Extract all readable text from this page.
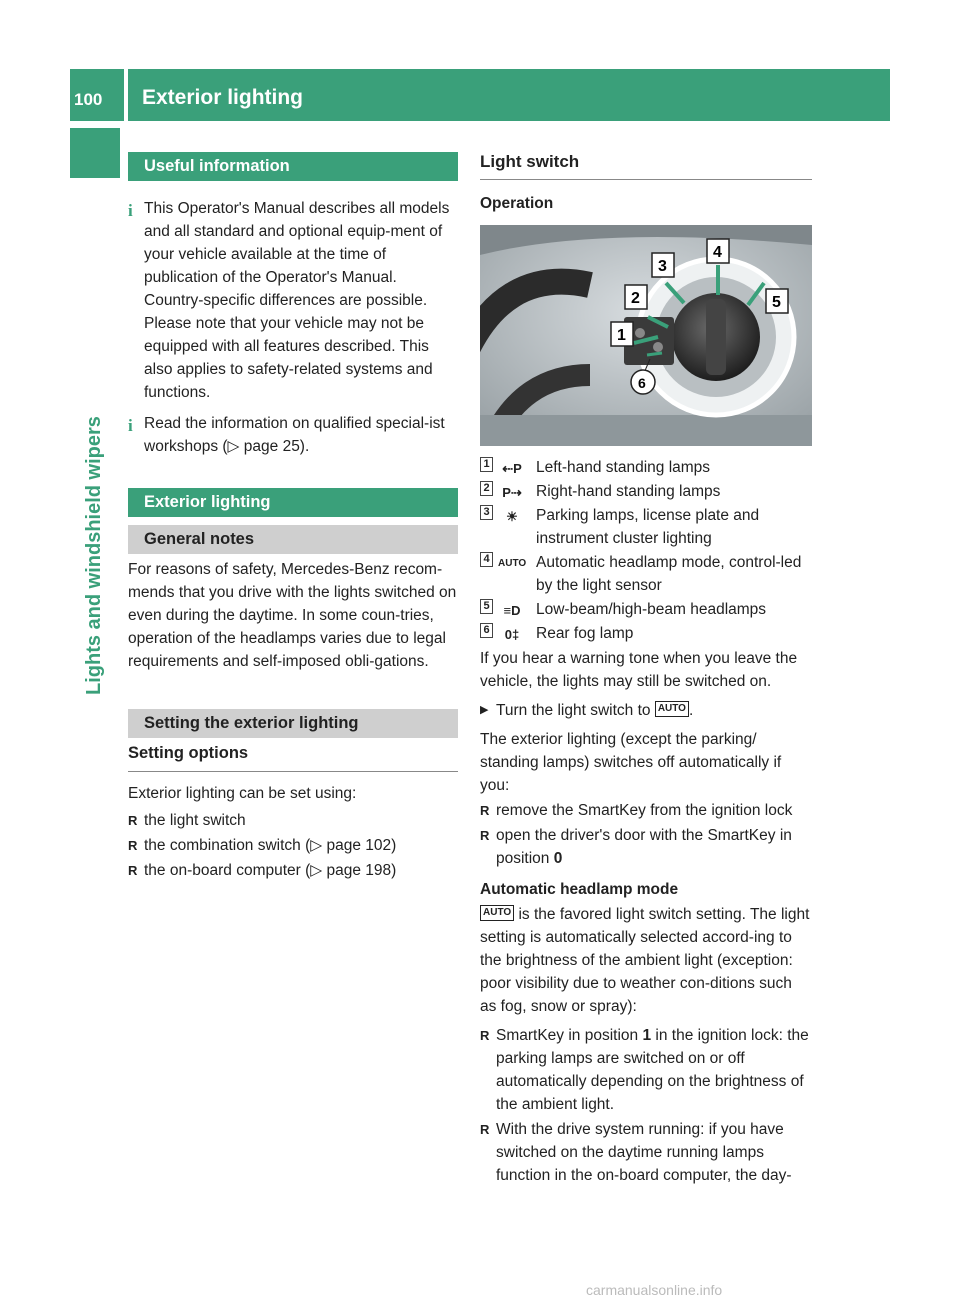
100	Exterior lighting
Lights and windshield wipers
Useful information
i This Operator's Manual describes all models and all standard and optional equip-ment of your vehicle available at the time of publication of the Operator's Manual. Country-specific differences are possible. Please note that your vehicle may not be equipped with all features described. This also applies to safety-related systems and functions.
i Read the information on qualified special-ist workshops (▷ page 25).
Exterior lighting
General notes
For reasons of safety, Mercedes-Benz recom-mends that you drive with the lights switched on even during the daytime. In some coun-tries, operation of the headlamps varies due to legal requirements and self-imposed obli-gations.
Setting the exterior lighting
Setting options
Exterior lighting can be set using:
R the light switch
R the combination switch (▷ page 102)
R the on-board computer (▷ page 198)
Light switch
Operation
1
2
3
4
5
6
1 ⇠P Left-hand standing lamps
2 P⇢ Right-hand standing lamps
3	☀	Parking lamps, license plate and instrument cluster lighting
4 AUTO Automatic headlamp mode, control-led by the light sensor
5	≡D	Low-beam/high-beam headlamps
6	0‡	Rear fog lamp
If you hear a warning tone when you leave the vehicle, the lights may still be switched on.
▶ Turn the light switch to AUTO .
The exterior lighting (except the parking/ standing lamps) switches off automatically if you:
R remove the SmartKey from the ignition lock
R open the driver's door with the SmartKey in position 0
Automatic headlamp mode
AUTO is the favored light switch setting. The light setting is automatically selected accord-ing to the brightness of the ambient light (exception: poor visibility due to weather con-ditions such as fog, snow or spray):
R SmartKey in position 1 in the ignition lock: the parking lamps are switched on or off automatically depending on the brightness of the ambient light.
R With the drive system running: if you have switched on the daytime running lamps function in the on-board computer, the day-
carmanualsonline.info
